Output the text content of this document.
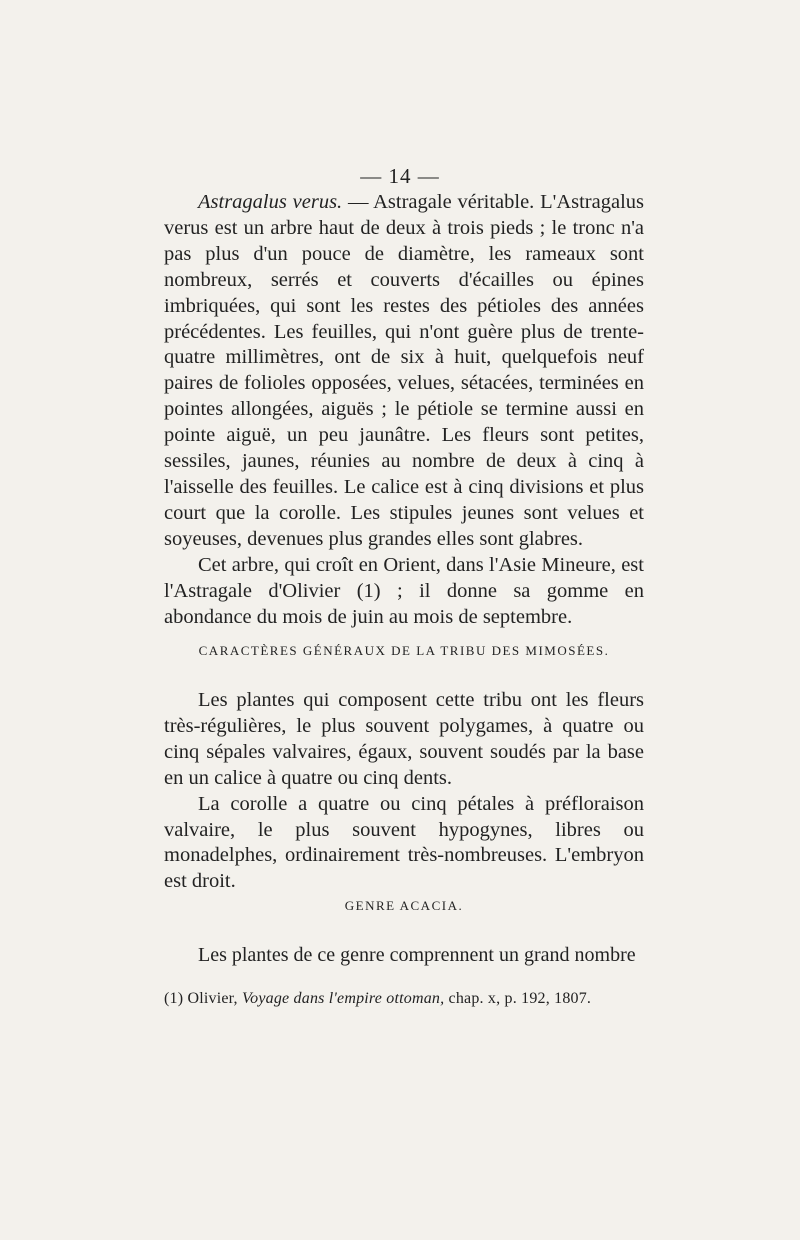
— 14 —

Astragalus verus. — Astragale véritable. L'Astragalus verus est un arbre haut de deux à trois pieds ; le tronc n'a pas plus d'un pouce de diamètre, les rameaux sont nombreux, serrés et couverts d'écailles ou épines imbriquées, qui sont les restes des pétioles des années précédentes. Les feuilles, qui n'ont guère plus de trente-quatre millimètres, ont de six à huit, quelquefois neuf paires de folioles opposées, velues, sétacées, terminées en pointes allongées, aiguës ; le pétiole se termine aussi en pointe aiguë, un peu jaunâtre. Les fleurs sont petites, sessiles, jaunes, réunies au nombre de deux à cinq à l'aisselle des feuilles. Le calice est à cinq divisions et plus court que la corolle. Les stipules jeunes sont velues et soyeuses, devenues plus grandes elles sont glabres.

Cet arbre, qui croît en Orient, dans l'Asie Mineure, est l'Astragale d'Olivier (1) ; il donne sa gomme en abondance du mois de juin au mois de septembre.

CARACTÈRES GÉNÉRAUX DE LA TRIBU DES MIMOSÉES.

Les plantes qui composent cette tribu ont les fleurs très-régulières, le plus souvent polygames, à quatre ou cinq sépales valvaires, égaux, souvent soudés par la base en un calice à quatre ou cinq dents.

La corolle a quatre ou cinq pétales à préfloraison valvaire, le plus souvent hypogynes, libres ou monadelphes, ordinairement très-nombreuses. L'embryon est droit.

GENRE ACACIA.

Les plantes de ce genre comprennent un grand nombre

(1) Olivier, Voyage dans l'empire ottoman, chap. x, p. 192, 1807.
